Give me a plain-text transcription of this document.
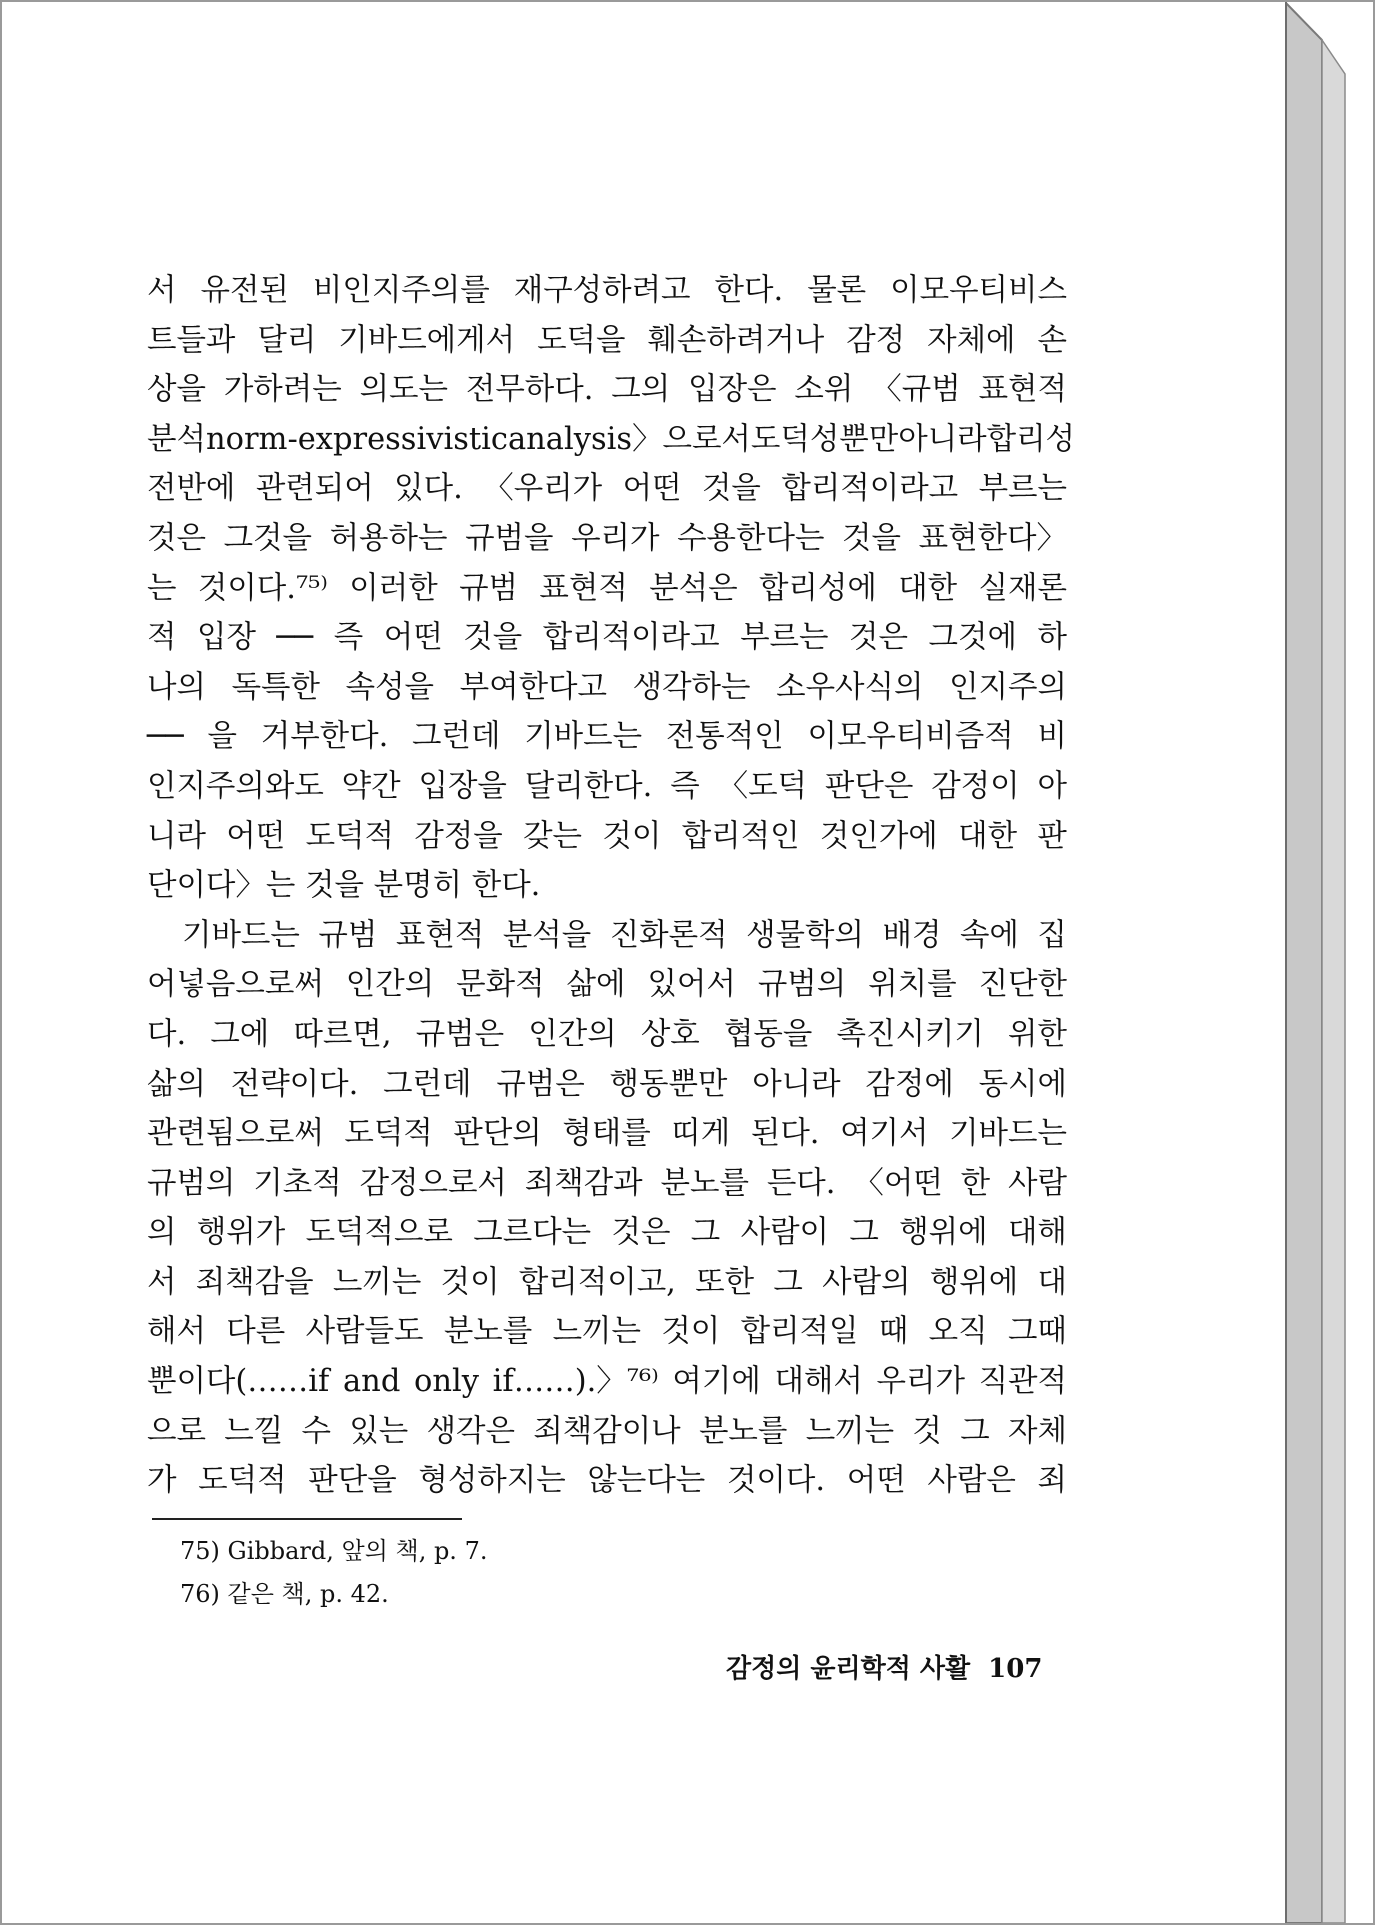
서 유전된 비인지주의를 재구성하려고 한다. 물론 이모우티비스
트들과 달리 기바드에게서 도덕을 훼손하려거나 감정 자체에 손
상을 가하려는 의도는 전무하다. 그의 입장은 소위 〈규범 표현적
분석 norm-expressivistic analysis〉으로서 도덕성뿐만 아니라 합리성
전반에 관련되어 있다. 〈우리가 어떤 것을 합리적이라고 부르는
것은 그것을 허용하는 규범을 우리가 수용한다는 것을 표현한다〉
는 것이다.⁷⁵⁾ 이러한 규범 표현적 분석은 합리성에 대한 실재론
적 입장 ── 즉 어떤 것을 합리적이라고 부르는 것은 그것에 하
나의 독특한 속성을 부여한다고 생각하는 소우사식의 인지주의
── 을 거부한다. 그런데 기바드는 전통적인 이모우티비즘적 비
인지주의와도 약간 입장을 달리한다. 즉 〈도덕 판단은 감정이 아
니라 어떤 도덕적 감정을 갖는 것이 합리적인 것인가에 대한 판
단이다〉는 것을 분명히 한다.
기바드는 규범 표현적 분석을 진화론적 생물학의 배경 속에 집
어넣음으로써 인간의 문화적 삶에 있어서 규범의 위치를 진단한
다. 그에 따르면, 규범은 인간의 상호 협동을 촉진시키기 위한
삶의 전략이다. 그런데 규범은 행동뿐만 아니라 감정에 동시에
관련됨으로써 도덕적 판단의 형태를 띠게 된다. 여기서 기바드는
규범의 기초적 감정으로서 죄책감과 분노를 든다. 〈어떤 한 사람
의 행위가 도덕적으로 그르다는 것은 그 사람이 그 행위에 대해
서 죄책감을 느끼는 것이 합리적이고, 또한 그 사람의 행위에 대
해서 다른 사람들도 분노를 느끼는 것이 합리적일 때 오직 그때
뿐이다(……if and only if……).〉⁷⁶⁾ 여기에 대해서 우리가 직관적
으로 느낄 수 있는 생각은 죄책감이나 분노를 느끼는 것 그 자체
가 도덕적 판단을 형성하지는 않는다는 것이다. 어떤 사람은 죄
75) Gibbard, 앞의 책, p. 7.
76) 같은 책, p. 42.
감정의 윤리학적 사활 107
